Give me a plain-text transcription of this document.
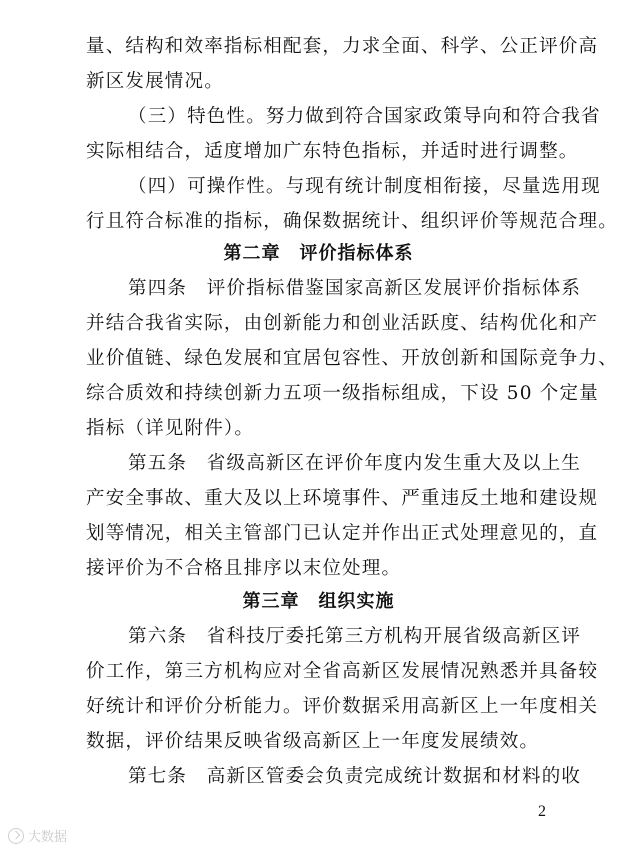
量、结构和效率指标相配套，力求全面、科学、公正评价高
新区发展情况。
（三）特色性。努力做到符合国家政策导向和符合我省
实际相结合，适度增加广东特色指标，并适时进行调整。
（四）可操作性。与现有统计制度相衔接，尽量选用现
行且符合标准的指标，确保数据统计、组织评价等规范合理。
第二章　评价指标体系
第四条　评价指标借鉴国家高新区发展评价指标体系
并结合我省实际，由创新能力和创业活跃度、结构优化和产
业价值链、绿色发展和宜居包容性、开放创新和国际竞争力、
综合质效和持续创新力五项一级指标组成，下设 50 个定量
指标（详见附件）。
第五条　省级高新区在评价年度内发生重大及以上生
产安全事故、重大及以上环境事件、严重违反土地和建设规
划等情况，相关主管部门已认定并作出正式处理意见的，直
接评价为不合格且排序以末位处理。
第三章　组织实施
第六条　省科技厅委托第三方机构开展省级高新区评
价工作，第三方机构应对全省高新区发展情况熟悉并具备较
好统计和评价分析能力。评价数据采用高新区上一年度相关
数据，评价结果反映省级高新区上一年度发展绩效。
第七条　高新区管委会负责完成统计数据和材料的收
2
大数据
